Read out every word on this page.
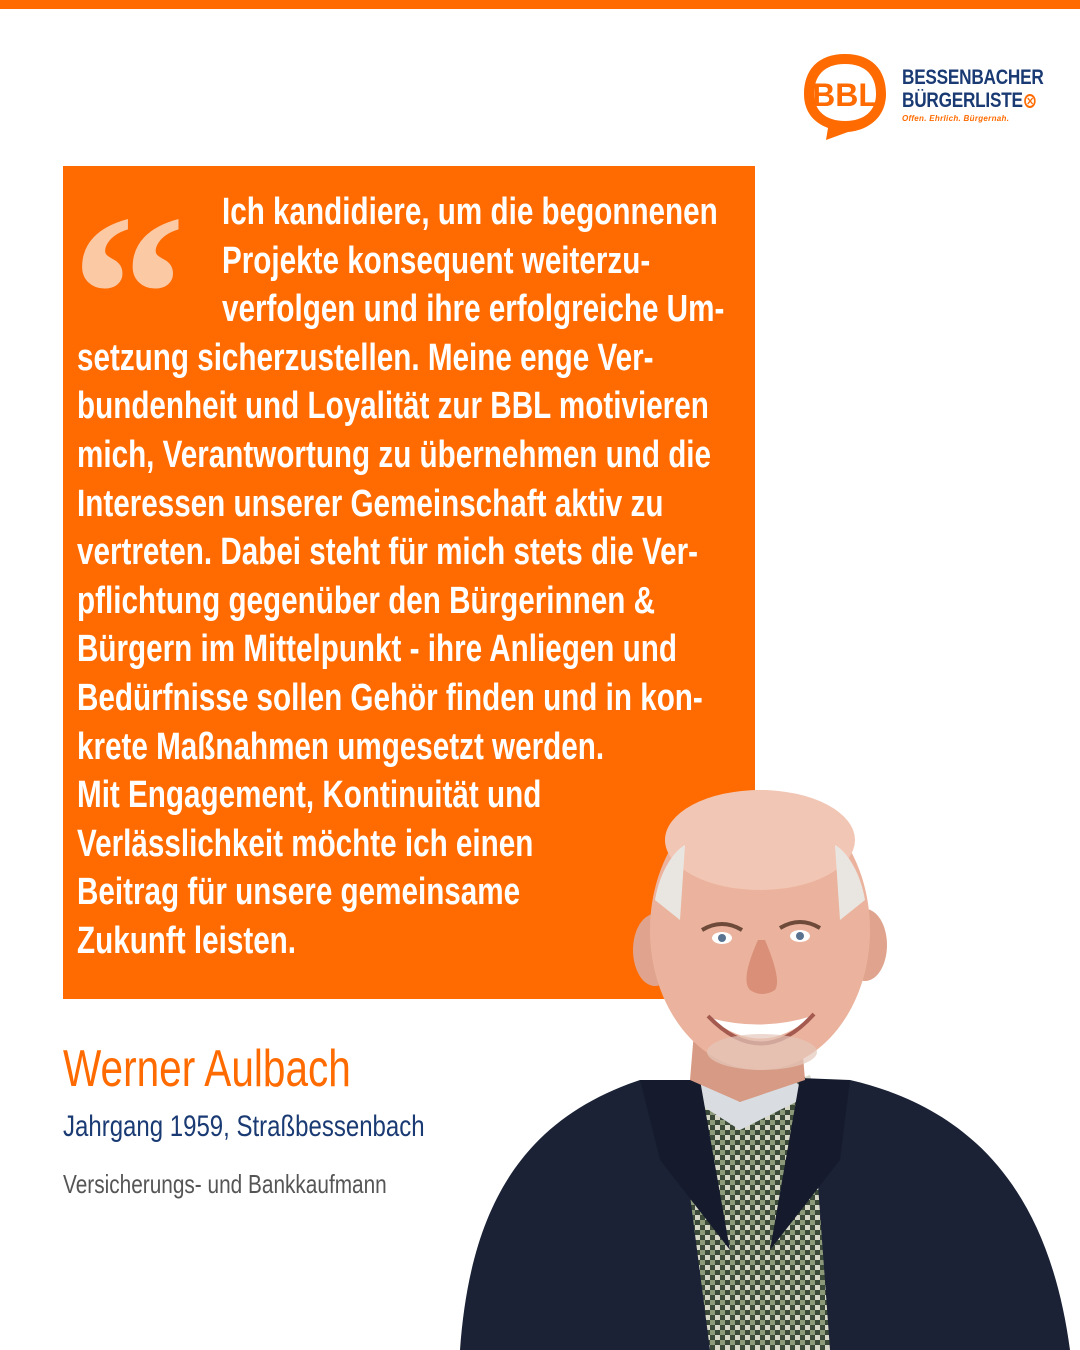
BBL BESSENBACHER
BÜRGERLISTE ✕
Offen. Ehrlich. Bürgernah.
“ Ich kandidiere, um die begonnenen
Projekte konsequent weiterzu-
verfolgen und ihre erfolgreiche Um-
setzung sicherzustellen. Meine enge Ver-
bundenheit und Loyalität zur BBL motivieren
mich, Verantwortung zu übernehmen und die
Interessen unserer Gemeinschaft aktiv zu
vertreten. Dabei steht für mich stets die Ver-
pflichtung gegenüber den Bürgerinnen &
Bürgern im Mittelpunkt - ihre Anliegen und
Bedürfnisse sollen Gehör finden und in kon-
krete Maßnahmen umgesetzt werden.
Mit Engagement, Kontinuität und
Verlässlichkeit möchte ich einen
Beitrag für unsere gemeinsame
Zukunft leisten.
Werner Aulbach
Jahrgang 1959, Straßbessenbach
Versicherungs- und Bankkaufmann
